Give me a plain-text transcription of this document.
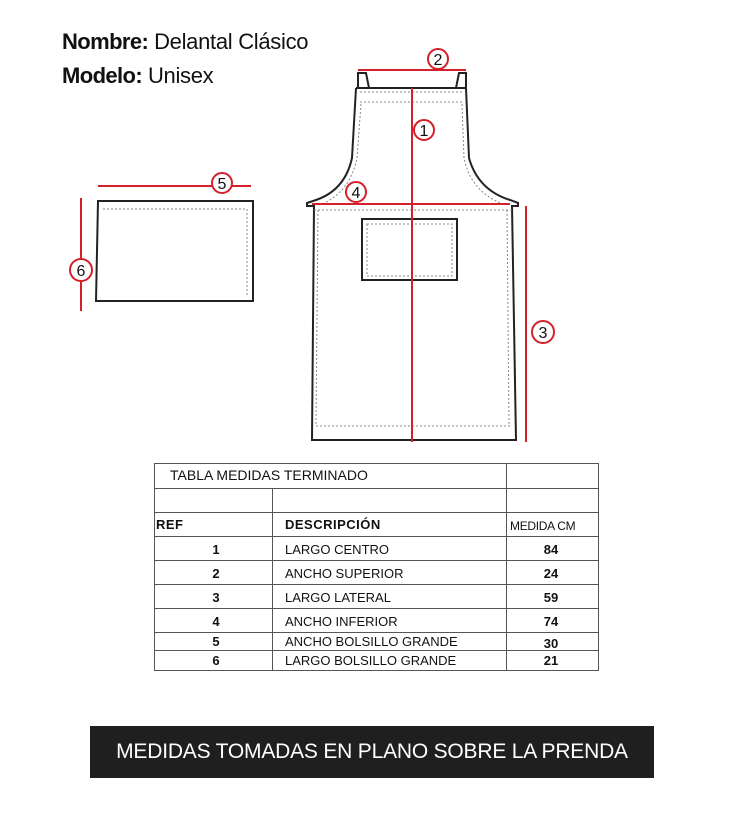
Nombre: Delantal Clásico
Modelo: Unisex
2
1
4
3
5
6
TABLA MEDIDAS TERMINADO
REF	DESCRIPCIÓN	MEDIDA CM
1	LARGO CENTRO	84
2	ANCHO SUPERIOR	24
3	LARGO LATERAL	59
4	ANCHO INFERIOR	74
5	ANCHO BOLSILLO GRANDE	30
6	LARGO BOLSILLO GRANDE	21
MEDIDAS TOMADAS EN PLANO SOBRE LA PRENDA
